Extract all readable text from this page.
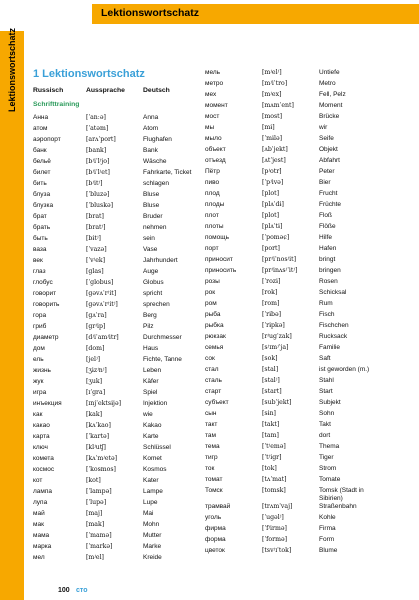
Lektionswortschatz
Lektionswortschatz 1 Lektionswortschatz
Russisch	Aussprache	Deutsch
Schrifttraining
Анна	[ˈanːə]	Anna
атом	[ˈatəm]	Atom
аэропорт	[arʌˈport]	Flughafen
банк	[bank]	Bank
бельё	[bʲiˈlʲjo]	Wäsche
билет	[bʲiˈlʲet]	Fahrkarte, Ticket
бить	[bʲitʲ]	schlagen
блуза	[ˈbluzə]	Bluse
блузка	[ˈbluskə]	Bluse
брат	[brat]	Bruder
брать	[bratʲ]	nehmen
быть	[bɨtʲ]	sein
ваза	[ˈvazə]	Vase
век	[ˈvʲek]	Jahrhundert
глаз	[glas]	Auge
глобус	[ˈglobus]	Globus
говорит	[gəvʌˈrʲit]	spricht
говорить	[gəvʌˈrʲitʲ]	sprechen
гора	[gʌˈra]	Berg
гриб	[grʲip]	Pilz
диаметр	[dʲiˈamʲitr]	Durchmesser
дом	[dom]	Haus
ель	[jelʲ]	Fichte, Tanne
жизнь	[ʒɨzʲnʲ]	Leben
жук	[ʒuk]	Käfer
игра	[ɪˈgra]	Spiel
инъекция	[ɪnjˈektsɨjə]	Injektion
как	[kak]	wie
какао	[kʌˈkao]	Kakao
карта	[ˈkartə]	Karte
ключ	[klʲuʧ]	Schlüssel
комета	[kʌˈmʲetə]	Komet
космос	[ˈkosmos]	Kosmos
кот	[kot]	Kater
лампа	[ˈlampə]	Lampe
лупа	[ˈlupə]	Lupe
май	[maj]	Mai
мак	[mak]	Mohn
мама	[ˈmamə]	Mutter
марка	[ˈmarkə]	Marke
мел	[mʲel]	Kreide
мель	[mʲelʲ]	Untiefe
метро	[mʲiˈtro]	Metro
мех	[mʲex]	Fell, Pelz
момент	[mʌmˈent]	Moment
мост	[most]	Brücke
мы	[mɨ]	wir
мыло	[ˈmɨlə]	Seife
объект	[ʌbˈjekt]	Objekt
отъезд	[ʌtˈjest]	Abfahrt
Пётр	[pʲotr]	Peter
пиво	[ˈpʲivə]	Bier
плод	[plot]	Frucht
плоды	[plʌˈdɨ]	Früchte
плот	[plot]	Floß
плоты	[plʌˈtɨ]	Flöße
помощь	[ˈpoməɕ]	Hilfe
порт	[port]	Hafen
приносит	[prʲiˈnosʲit]	bringt
приносить	[prʲinʌsʲˈitʲ]	bringen
розы	[ˈrozɨ]	Rosen
рок	[rok]	Schicksal
ром	[rom]	Rum
рыба	[ˈrɨbə]	Fisch
рыбка	[ˈrɨpkə]	Fischchen
рюкзак	[rʲugˈzak]	Rucksack
семья	[sʲɪmʲˈja]	Familie
сок	[sok]	Saft
стал	[stal]	ist geworden (m.)
сталь	[stalʲ]	Stahl
старт	[start]	Start
субъект	[subˈjekt]	Subjekt
сын	[sɨn]	Sohn
такт	[takt]	Takt
там	[tam]	dort
тема	[ˈtʲemə]	Thema
тигр	[ˈtʲigr]	Tiger
ток	[tok]	Strom
томат	[tʌˈmat]	Tomate
Томск	[tomsk]	Tomsk (Stadt in Sibirien)
трамвай	[trʌmˈvaj]	Straßenbahn
уголь	[ˈugəlʲ]	Kohle
фирма	[ˈfʲirmə]	Firma
форма	[ˈformə]	Form
цветок	[tsvʲɪˈtok]	Blume
100 сто
